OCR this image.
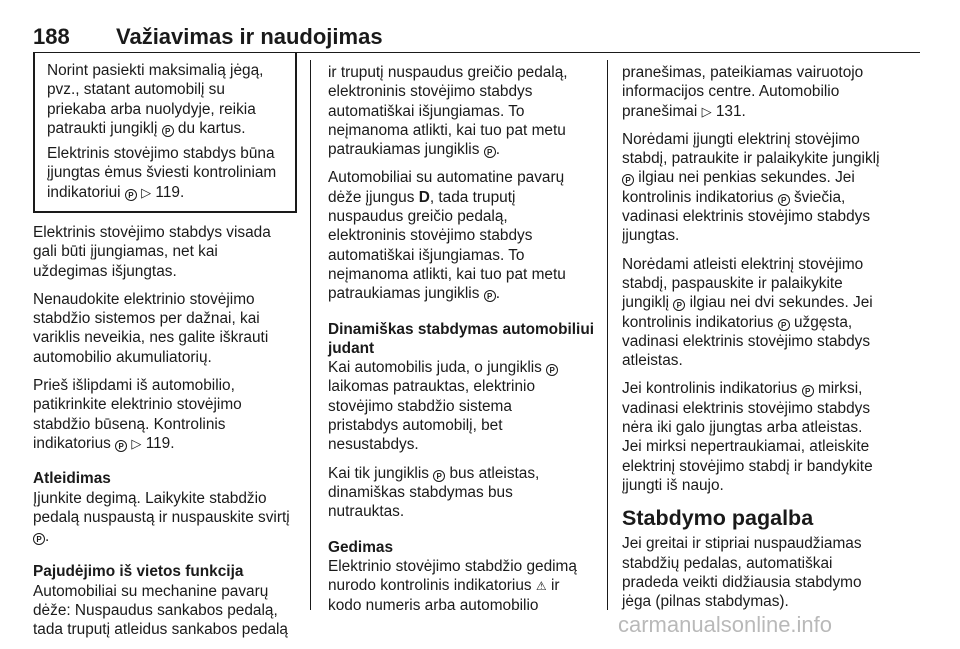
188 Važiavimas ir naudojimas

Norint pasiekti maksimalią jėgą,
pvz., statant automobilį su
priekaba arba nuolydyje, reikia
patraukti jungiklį P du kartus.

Elektrinis stovėjimo stabdys būna
įjungtas ėmus šviesti kontroliniam
indikatoriui P ▷ 119.

Elektrinis stovėjimo stabdys visada
gali būti įjungiamas, net kai
uždegimas išjungtas.

Nenaudokite elektrinio stovėjimo
stabdžio sistemos per dažnai, kai
variklis neveikia, nes galite iškrauti
automobilio akumuliatorių.

Prieš išlipdami iš automobilio,
patikrinkite elektrinio stovėjimo
stabdžio būseną. Kontrolinis
indikatorius P ▷ 119.

Atleidimas

Įjunkite degimą. Laikykite stabdžio
pedalą nuspaustą ir nuspauskite svirtį
P .

Pajudėjimo iš vietos funkcija

Automobiliai su mechanine pavarų
dėže: Nuspaudus sankabos pedalą,
tada truputį atleidus sankabos pedalą

ir truputį nuspaudus greičio pedalą,
elektroninis stovėjimo stabdys
automatiškai išjungiamas. To
neįmanoma atlikti, kai tuo pat metu
patraukiamas jungiklis P .

Automobiliai su automatine pavarų
dėže įjungus D, tada truputį
nuspaudus greičio pedalą,
elektroninis stovėjimo stabdys
automatiškai išjungiamas. To
neįmanoma atlikti, kai tuo pat metu
patraukiamas jungiklis P .

Dinamiškas stabdymas automobiliui
judant

Kai automobilis juda, o jungiklis P
laikomas patrauktas, elektrinio
stovėjimo stabdžio sistema
pristabdys automobilį, bet
nesustabdys.

Kai tik jungiklis P bus atleistas,
dinamiškas stabdymas bus
nutrauktas.

Gedimas

Elektrinio stovėjimo stabdžio gedimą
nurodo kontrolinis indikatorius ⚠ ir
kodo numeris arba automobilio

pranešimas, pateikiamas vairuotojo
informacijos centre. Automobilio
pranešimai ▷ 131.

Norėdami įjungti elektrinį stovėjimo
stabdį, patraukite ir palaikykite jungiklį
P ilgiau nei penkias sekundes. Jei
kontrolinis indikatorius P šviečia,
vadinasi elektrinis stovėjimo stabdys
įjungtas.

Norėdami atleisti elektrinį stovėjimo
stabdį, paspauskite ir palaikykite
jungiklį P ilgiau nei dvi sekundes. Jei
kontrolinis indikatorius P užgęsta,
vadinasi elektrinis stovėjimo stabdys
atleistas.

Jei kontrolinis indikatorius P mirksi,
vadinasi elektrinis stovėjimo stabdys
nėra iki galo įjungtas arba atleistas.
Jei mirksi nepertraukiamai, atleiskite
elektrinį stovėjimo stabdį ir bandykite
įjungti iš naujo.

Stabdymo pagalba

Jei greitai ir stipriai nuspaudžiamas
stabdžių pedalas, automatiškai
pradeda veikti didžiausia stabdymo
jėga (pilnas stabdymas).

carmanualsonline.info
